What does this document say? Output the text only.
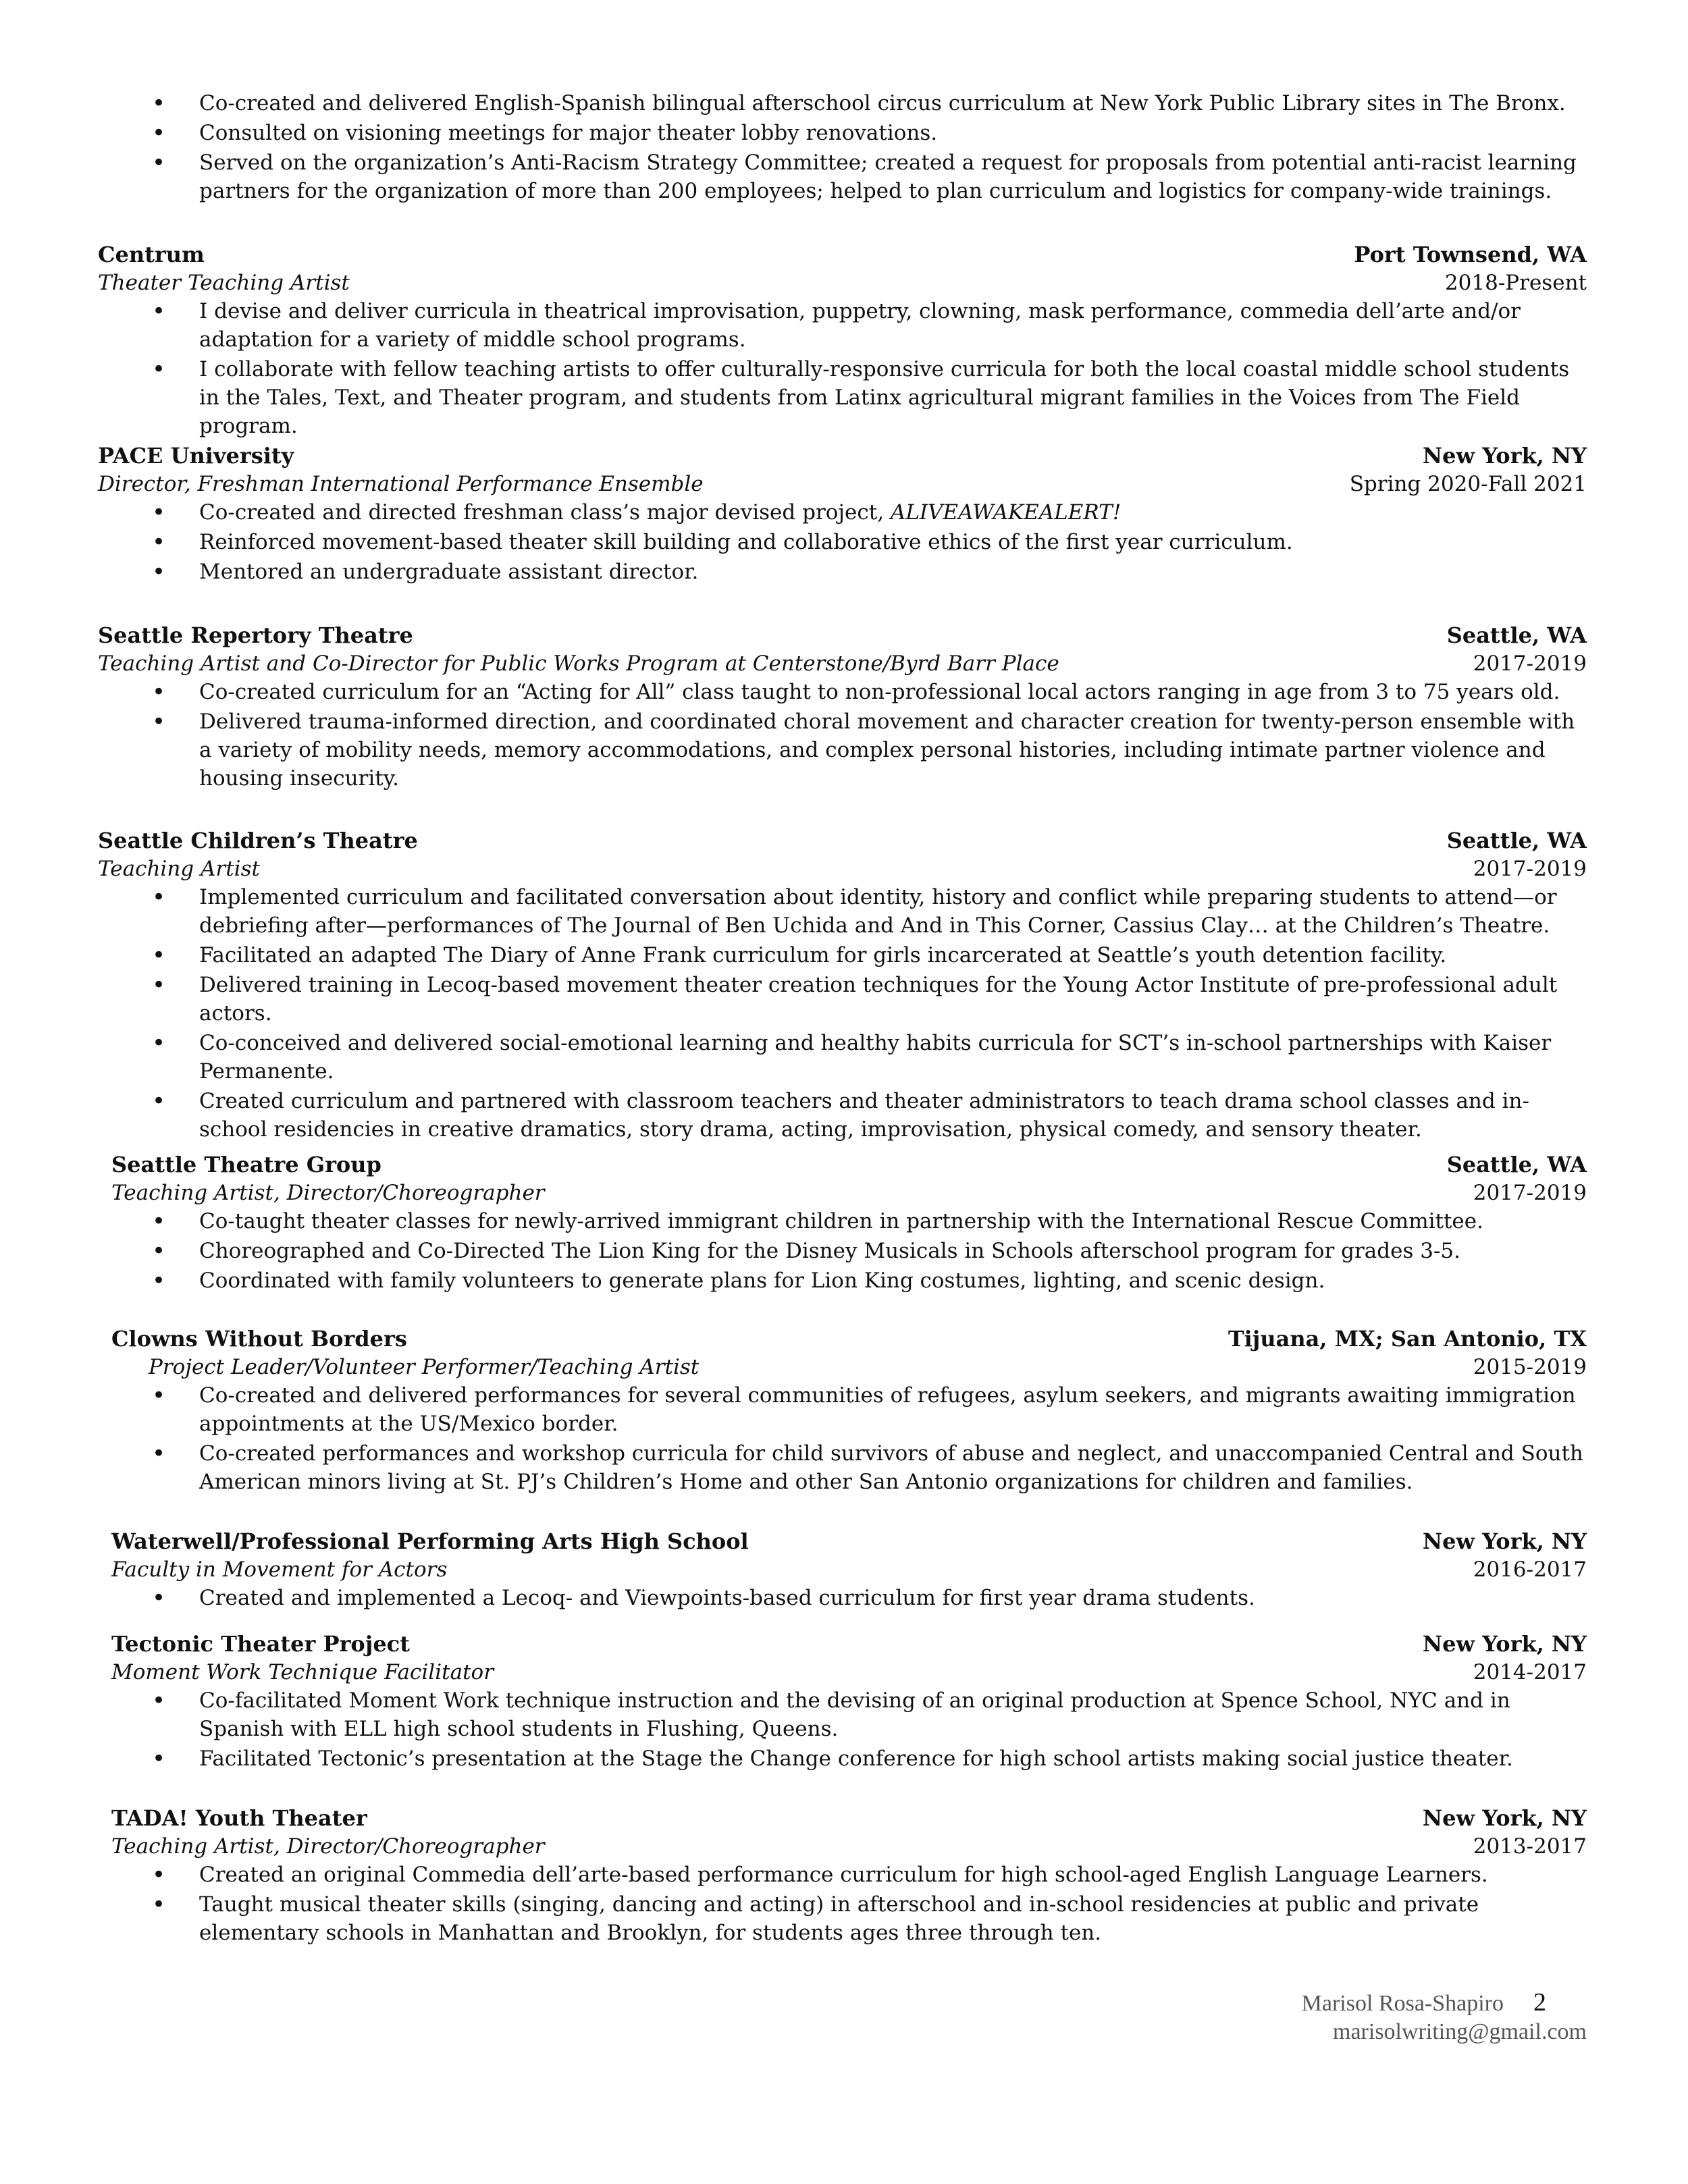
• Co-created and delivered English-Spanish bilingual afterschool circus curriculum at New York Public Library sites in The Bronx.
• Consulted on visioning meetings for major theater lobby renovations.
• Served on the organization’s Anti-Racism Strategy Committee; created a request for proposals from potential anti-racist learning partners for the organization of more than 200 employees; helped to plan curriculum and logistics for company-wide trainings.
Centrum	Port Townsend, WA
Theater Teaching Artist	2018-Present
• I devise and deliver curricula in theatrical improvisation, puppetry, clowning, mask performance, commedia dell’arte and/or adaptation for a variety of middle school programs.
• I collaborate with fellow teaching artists to offer culturally-responsive curricula for both the local coastal middle school students in the Tales, Text, and Theater program, and students from Latinx agricultural migrant families in the Voices from The Field program.
PACE University	New York, NY
Director, Freshman International Performance Ensemble	Spring 2020-Fall 2021
• Co-created and directed freshman class’s major devised project, ALIVEAWAKEALERT!
• Reinforced movement-based theater skill building and collaborative ethics of the first year curriculum.
• Mentored an undergraduate assistant director.
Seattle Repertory Theatre	Seattle, WA
Teaching Artist and Co-Director for Public Works Program at Centerstone/Byrd Barr Place	2017-2019
• Co-created curriculum for an “Acting for All” class taught to non-professional local actors ranging in age from 3 to 75 years old.
• Delivered trauma-informed direction, and coordinated choral movement and character creation for twenty-person ensemble with a variety of mobility needs, memory accommodations, and complex personal histories, including intimate partner violence and housing insecurity.
Seattle Children’s Theatre	Seattle, WA
Teaching Artist	2017-2019
• Implemented curriculum and facilitated conversation about identity, history and conflict while preparing students to attend—or debriefing after—performances of The Journal of Ben Uchida and And in This Corner, Cassius Clay… at the Children’s Theatre.
• Facilitated an adapted The Diary of Anne Frank curriculum for girls incarcerated at Seattle’s youth detention facility.
• Delivered training in Lecoq-based movement theater creation techniques for the Young Actor Institute of pre-professional adult actors.
• Co-conceived and delivered social-emotional learning and healthy habits curricula for SCT’s in-school partnerships with Kaiser Permanente.
• Created curriculum and partnered with classroom teachers and theater administrators to teach drama school classes and in-school residencies in creative dramatics, story drama, acting, improvisation, physical comedy, and sensory theater.
Seattle Theatre Group	Seattle, WA
Teaching Artist, Director/Choreographer	2017-2019
• Co-taught theater classes for newly-arrived immigrant children in partnership with the International Rescue Committee.
• Choreographed and Co-Directed The Lion King for the Disney Musicals in Schools afterschool program for grades 3-5.
• Coordinated with family volunteers to generate plans for Lion King costumes, lighting, and scenic design.
Clowns Without Borders	Tijuana, MX; San Antonio, TX
Project Leader/Volunteer Performer/Teaching Artist	2015-2019
• Co-created and delivered performances for several communities of refugees, asylum seekers, and migrants awaiting immigration appointments at the US/Mexico border.
• Co-created performances and workshop curricula for child survivors of abuse and neglect, and unaccompanied Central and South American minors living at St. PJ’s Children’s Home and other San Antonio organizations for children and families.
Waterwell/Professional Performing Arts High School	New York, NY
Faculty in Movement for Actors	2016-2017
• Created and implemented a Lecoq- and Viewpoints-based curriculum for first year drama students.
Tectonic Theater Project	New York, NY
Moment Work Technique Facilitator	2014-2017
• Co-facilitated Moment Work technique instruction and the devising of an original production at Spence School, NYC and in Spanish with ELL high school students in Flushing, Queens.
• Facilitated Tectonic’s presentation at the Stage the Change conference for high school artists making social justice theater.
TADA! Youth Theater	New York, NY
Teaching Artist, Director/Choreographer	2013-2017
• Created an original Commedia dell’arte-based performance curriculum for high school-aged English Language Learners.
• Taught musical theater skills (singing, dancing and acting) in afterschool and in-school residencies at public and private elementary schools in Manhattan and Brooklyn, for students ages three through ten.
Marisol Rosa-Shapiro 2
marisolwriting@gmail.com
